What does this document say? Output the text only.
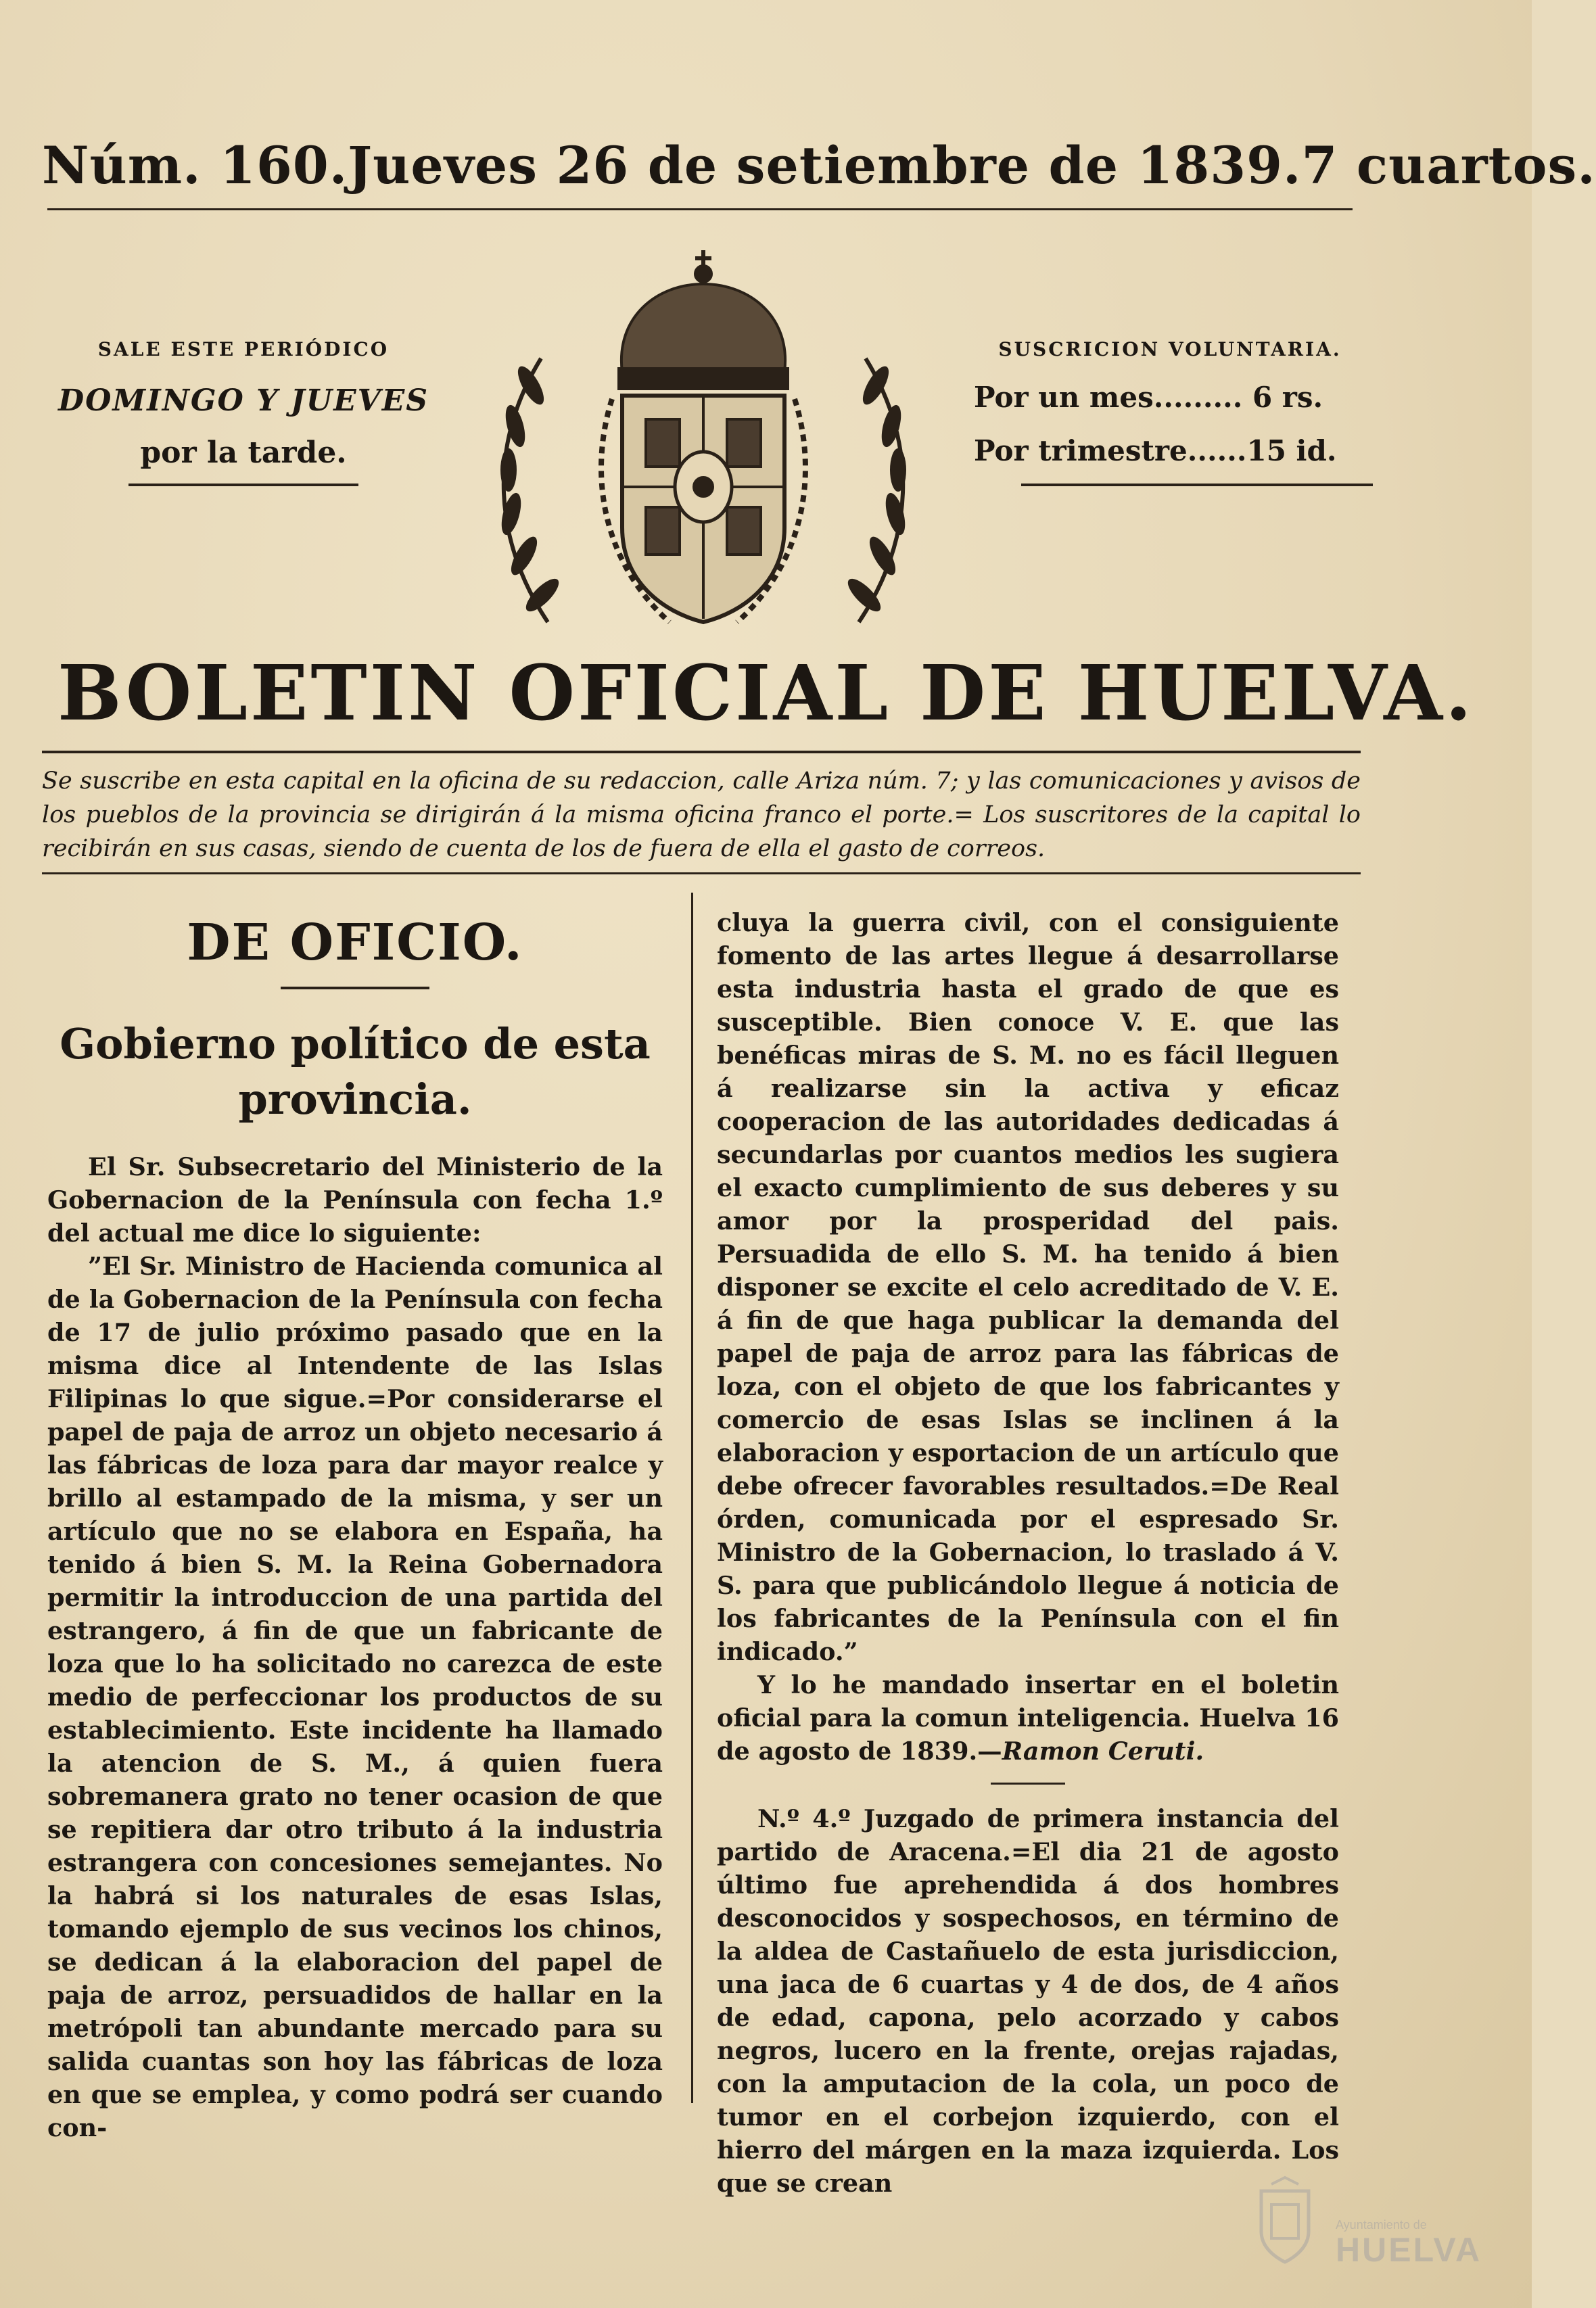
Núm. 160. Jueves 26 de setiembre de 1839. 7 cuartos.
SALE ESTE PERIÓDICO
DOMINGO Y JUEVES
por la tarde.
SUSCRICION VOLUNTARIA.
Por un mes......... 6 rs.
Por trimestre......15 id.
BOLETIN OFICIAL DE HUELVA.
Se suscribe en esta capital en la oficina de su redaccion, calle Ariza núm. 7; y las comunicaciones y avisos de los pueblos de la provincia se dirigirán á la misma oficina franco el porte.= Los suscritores de la capital lo recibirán en sus casas, siendo de cuenta de los de fuera de ella el gasto de correos.
DE OFICIO.
Gobierno político de esta provincia.

El Sr. Subsecretario del Ministerio de la Gobernacion de la Península con fecha 1.º del actual me dice lo siguiente:

”El Sr. Ministro de Hacienda comunica al de la Gobernacion de la Península con fecha de 17 de julio próximo pasado que en la misma dice al Intendente de las Islas Filipinas lo que sigue.=Por considerarse el papel de paja de arroz un objeto necesario á las fábricas de loza para dar mayor realce y brillo al estampado de la misma, y ser un artículo que no se elabora en España, ha tenido á bien S. M. la Reina Gobernadora permitir la introduccion de una partida del estrangero, á fin de que un fabricante de loza que lo ha solicitado no carezca de este medio de perfeccionar los productos de su establecimiento. Este incidente ha llamado la atencion de S. M., á quien fuera sobremanera grato no tener ocasion de que se repitiera dar otro tributo á la industria estrangera con concesiones semejantes. No la habrá si los naturales de esas Islas, tomando ejemplo de sus vecinos los chinos, se dedican á la elaboracion del papel de paja de arroz, persuadidos de hallar en la metrópoli tan abundante mercado para su salida cuantas son hoy las fábricas de loza en que se emplea, y como podrá ser cuando con-

cluya la guerra civil, con el consiguiente fomento de las artes llegue á desarrollarse esta industria hasta el grado de que es susceptible. Bien conoce V. E. que las benéficas miras de S. M. no es fácil lleguen á realizarse sin la activa y eficaz cooperacion de las autoridades dedicadas á secundarlas por cuantos medios les sugiera el exacto cumplimiento de sus deberes y su amor por la prosperidad del pais. Persuadida de ello S. M. ha tenido á bien disponer se excite el celo acreditado de V. E. á fin de que haga publicar la demanda del papel de paja de arroz para las fábricas de loza, con el objeto de que los fabricantes y comercio de esas Islas se inclinen á la elaboracion y esportacion de un artículo que debe ofrecer favorables resultados.=De Real órden, comunicada por el espresado Sr. Ministro de la Gobernacion, lo traslado á V. S. para que publicándolo llegue á noticia de los fabricantes de la Península con el fin indicado.”

Y lo he mandado insertar en el boletin oficial para la comun inteligencia. Huelva 16 de agosto de 1839.—Ramon Ceruti.

N.º 4.º Juzgado de primera instancia del partido de Aracena.=El dia 21 de agosto último fue aprehendida á dos hombres desconocidos y sospechosos, en término de la aldea de Castañuelo de esta jurisdiccion, una jaca de 6 cuartas y 4 de dos, de 4 años de edad, capona, pelo acorzado y cabos negros, lucero en la frente, orejas rajadas, con la amputacion de la cola, un poco de tumor en el corbejon izquierdo, con el hierro del márgen en la maza izquierda. Los que se crean

Ayuntamiento de
HUELVA
